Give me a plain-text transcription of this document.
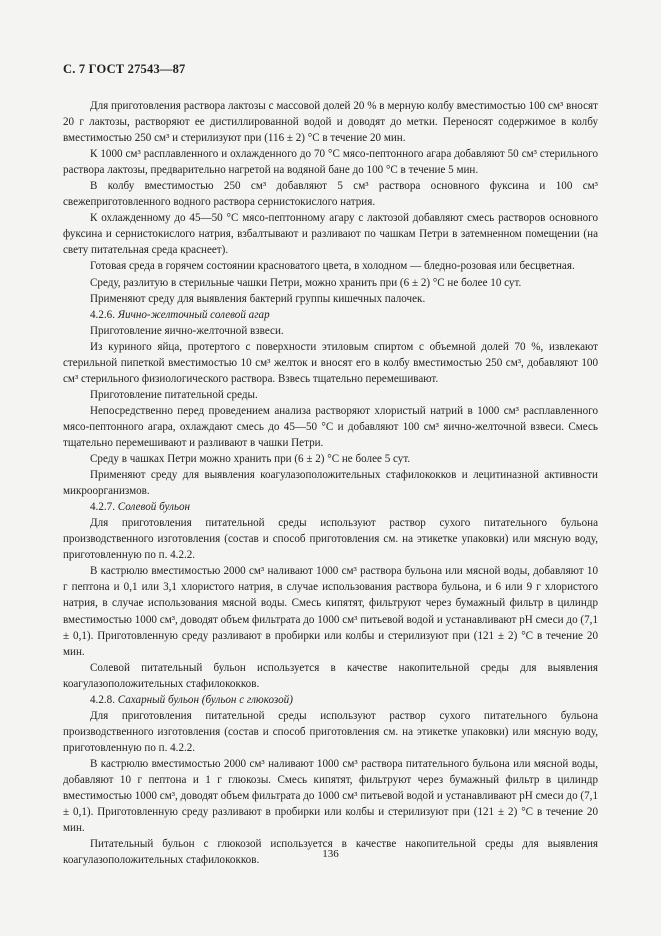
С. 7 ГОСТ 27543—87

Для приготовления раствора лактозы с массовой долей 20 % в мерную колбу вместимостью 100 см³ вносят 20 г лактозы, растворяют ее дистиллированной водой и доводят до метки. Переносят содержимое в колбу вместимостью 250 см³ и стерилизуют при (116 ± 2) °С в течение 20 мин.

К 1000 см³ расплавленного и охлажденного до 70 °С мясо-пептонного агара добавляют 50 см³ стерильного раствора лактозы, предварительно нагретой на водяной бане до 100 °С в течение 5 мин.

В колбу вместимостью 250 см³ добавляют 5 см³ раствора основного фуксина и 100 см³ свежеприготовленного водного раствора сернистокислого натрия.

К охлажденному до 45—50 °С мясо-пептонному агару с лактозой добавляют смесь растворов основного фуксина и сернистокислого натрия, взбалтывают и разливают по чашкам Петри в затемненном помещении (на свету питательная среда краснеет).

Готовая среда в горячем состоянии красноватого цвета, в холодном — бледно-розовая или бесцветная.

Среду, разлитую в стерильные чашки Петри, можно хранить при (6 ± 2) °С не более 10 сут.

Применяют среду для выявления бактерий группы кишечных палочек.

4.2.6. Яично-желточный солевой агар

Приготовление яично-желточной взвеси.

Из куриного яйца, протертого с поверхности этиловым спиртом с объемной долей 70 %, извлекают стерильной пипеткой вместимостью 10 см³ желток и вносят его в колбу вместимостью 250 см³, добавляют 100 см³ стерильного физиологического раствора. Взвесь тщательно перемешивают.

Приготовление питательной среды.

Непосредственно перед проведением анализа растворяют хлористый натрий в 1000 см³ расплавленного мясо-пептонного агара, охлаждают смесь до 45—50 °С и добавляют 100 см³ яично-желточной взвеси. Смесь тщательно перемешивают и разливают в чашки Петри.

Среду в чашках Петри можно хранить при (6 ± 2) °С не более 5 сут.

Применяют среду для выявления коагулазоположительных стафилококков и лецитиназной активности микроорганизмов.

4.2.7. Солевой бульон

Для приготовления питательной среды используют раствор сухого питательного бульона производственного изготовления (состав и способ приготовления см. на этикетке упаковки) или мясную воду, приготовленную по п. 4.2.2.

В кастрюлю вместимостью 2000 см³ наливают 1000 см³ раствора бульона или мясной воды, добавляют 10 г пептона и 0,1 или 3,1 хлористого натрия, в случае использования раствора бульона, и 6 или 9 г хлористого натрия, в случае использования мясной воды. Смесь кипятят, фильтруют через бумажный фильтр в цилиндр вместимостью 1000 см³, доводят объем фильтрата до 1000 см³ питьевой водой и устанавливают рН смеси до (7,1 ± 0,1). Приготовленную среду разливают в пробирки или колбы и стерилизуют при (121 ± 2) °С в течение 20 мин.

Солевой питательный бульон используется в качестве накопительной среды для выявления коагулазоположительных стафилококков.

4.2.8. Сахарный бульон (бульон с глюкозой)

Для приготовления питательной среды используют раствор сухого питательного бульона производственного изготовления (состав и способ приготовления см. на этикетке упаковки) или мясную воду, приготовленную по п. 4.2.2.

В кастрюлю вместимостью 2000 см³ наливают 1000 см³ раствора питательного бульона или мясной воды, добавляют 10 г пептона и 1 г глюкозы. Смесь кипятят, фильтруют через бумажный фильтр в цилиндр вместимостью 1000 см³, доводят объем фильтрата до 1000 см³ питьевой водой и устанавливают рН смеси до (7,1 ± 0,1). Приготовленную среду разливают в пробирки или колбы и стерилизуют при (121 ± 2) °С в течение 20 мин.

Питательный бульон с глюкозой используется в качестве накопительной среды для выявления коагулазоположительных стафилококков.

136
